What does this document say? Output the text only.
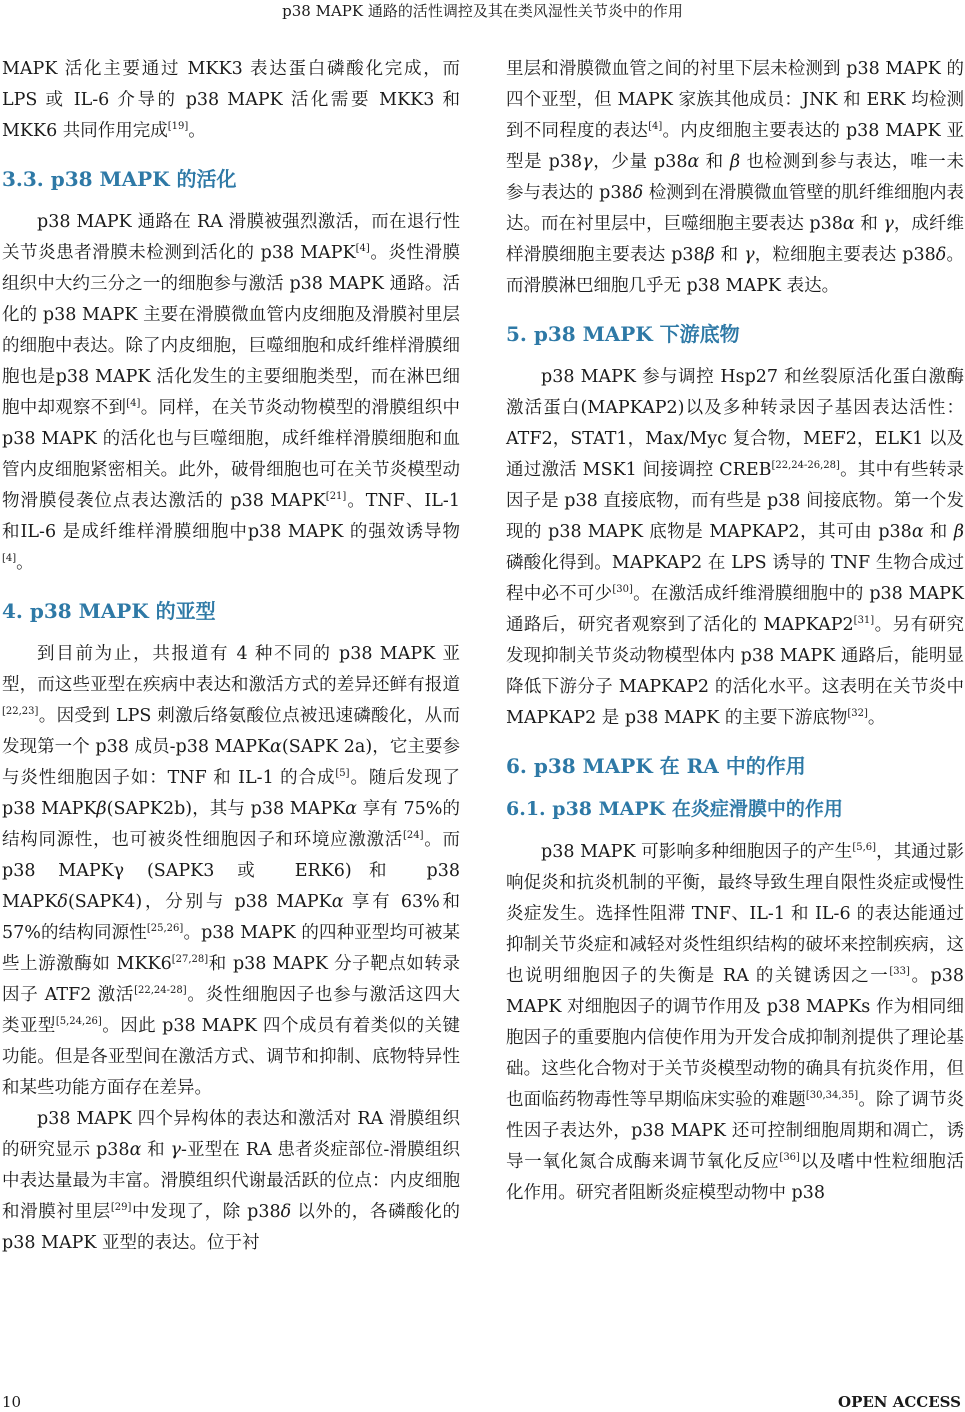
p38 MAPK 通路的活性调控及其在类风湿性关节炎中的作用

MAPK 活化主要通过 MKK3 表达蛋白磷酸化完成，而 LPS 或 IL-6 介导的 p38 MAPK 活化需要 MKK3 和 MKK6 共同作用完成[19]。

3.3. p38 MAPK 的活化

p38 MAPK 通路在 RA 滑膜被强烈激活，而在退行性关节炎患者滑膜未检测到活化的 p38 MAPK[4]。炎性滑膜组织中大约三分之一的细胞参与激活 p38 MAPK 通路。活化的 p38 MAPK 主要在滑膜微血管内皮细胞及滑膜衬里层的细胞中表达。除了内皮细胞，巨噬细胞和成纤维样滑膜细胞也是p38 MAPK 活化发生的主要细胞类型，而在淋巴细胞中却观察不到[4]。同样，在关节炎动物模型的滑膜组织中 p38 MAPK 的活化也与巨噬细胞，成纤维样滑膜细胞和血管内皮细胞紧密相关。此外，破骨细胞也可在关节炎模型动物滑膜侵袭位点表达激活的 p38 MAPK[21]。TNF、IL-1 和IL-6 是成纤维样滑膜细胞中p38 MAPK 的强效诱导物[4]。

4. p38 MAPK 的亚型

到目前为止，共报道有 4 种不同的 p38 MAPK 亚型，而这些亚型在疾病中表达和激活方式的差异还鲜有报道[22,23]。因受到 LPS 刺激后络氨酸位点被迅速磷酸化，从而发现第一个 p38 成员-p38 MAPKα(SAPK 2a)，它主要参与炎性细胞因子如：TNF 和 IL-1 的合成[5]。随后发现了 p38 MAPKβ(SAPK2b)，其与 p38 MAPKα 享有 75%的结构同源性，也可被炎性细胞因子和环境应激激活[24]。而 p38 MAPKγ (SAPK3 或 ERK6)和 p38 MAPKδ(SAPK4)，分别与 p38 MAPKα 享有 63%和 57%的结构同源性[25,26]。p38 MAPK 的四种亚型均可被某些上游激酶如 MKK6[27,28]和 p38 MAPK 分子靶点如转录因子 ATF2 激活[22,24-28]。炎性细胞因子也参与激活这四大类亚型[5,24,26]。因此 p38 MAPK 四个成员有着类似的关键功能。但是各亚型间在激活方式、调节和抑制、底物特异性和某些功能方面存在差异。

p38 MAPK 四个异构体的表达和激活对 RA 滑膜组织的研究显示 p38α 和 γ-亚型在 RA 患者炎症部位-滑膜组织中表达量最为丰富。滑膜组织代谢最活跃的位点：内皮细胞和滑膜衬里层[29]中发现了，除 p38δ 以外的，各磷酸化的 p38 MAPK 亚型的表达。位于衬

里层和滑膜微血管之间的衬里下层未检测到 p38 MAPK 的四个亚型，但 MAPK 家族其他成员：JNK 和 ERK 均检测到不同程度的表达[4]。内皮细胞主要表达的 p38 MAPK 亚型是 p38γ，少量 p38α 和 β 也检测到参与表达，唯一未参与表达的 p38δ 检测到在滑膜微血管壁的肌纤维细胞内表达。而在衬里层中，巨噬细胞主要表达 p38α 和 γ，成纤维样滑膜细胞主要表达 p38β 和 γ，粒细胞主要表达 p38δ。而滑膜淋巴细胞几乎无 p38 MAPK 表达。

5. p38 MAPK 下游底物

p38 MAPK 参与调控 Hsp27 和丝裂原活化蛋白激酶激活蛋白(MAPKAP2)以及多种转录因子基因表达活性：ATF2，STAT1，Max/Myc 复合物，MEF2，ELK1 以及通过激活 MSK1 间接调控 CREB[22,24-26,28]。其中有些转录因子是 p38 直接底物，而有些是 p38 间接底物。第一个发现的 p38 MAPK 底物是 MAPKAP2，其可由 p38α 和 β 磷酸化得到。MAPKAP2 在 LPS 诱导的 TNF 生物合成过程中必不可少[30]。在激活成纤维滑膜细胞中的 p38 MAPK 通路后，研究者观察到了活化的 MAPKAP2[31]。另有研究发现抑制关节炎动物模型体内 p38 MAPK 通路后，能明显降低下游分子 MAPKAP2 的活化水平。这表明在关节炎中 MAPKAP2 是 p38 MAPK 的主要下游底物[32]。

6. p38 MAPK 在 RA 中的作用
6.1. p38 MAPK 在炎症滑膜中的作用

p38 MAPK 可影响多种细胞因子的产生[5,6]，其通过影响促炎和抗炎机制的平衡，最终导致生理自限性炎症或慢性炎症发生。选择性阻滞 TNF、IL-1 和 IL-6 的表达能通过抑制关节炎症和减轻对炎性组织结构的破坏来控制疾病，这也说明细胞因子的失衡是 RA 的关键诱因之一[33]。p38 MAPK 对细胞因子的调节作用及 p38 MAPKs 作为相同细胞因子的重要胞内信使作用为开发合成抑制剂提供了理论基础。这些化合物对于关节炎模型动物的确具有抗炎作用，但也面临药物毒性等早期临床实验的难题[30,34,35]。除了调节炎性因子表达外，p38 MAPK 还可控制细胞周期和凋亡，诱导一氧化氮合成酶来调节氧化反应[36]以及嗜中性粒细胞活化作用。研究者阻断炎症模型动物中 p38

10	OPEN ACCESS
